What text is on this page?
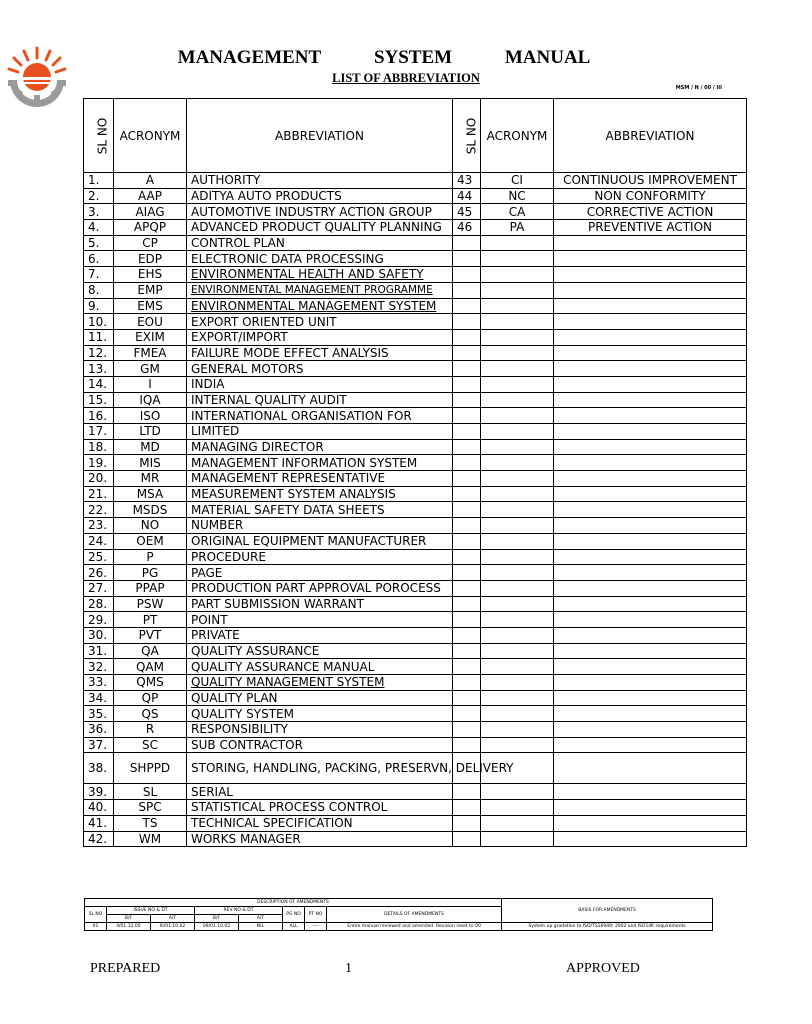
MANAGEMENT	SYSTEM	MANUAL
LIST OF ABBREVIATION
MSM / N / 00 / III
SL NO	ACRONYM	ABBREVIATION	SL NO	ACRONYM	ABBREVIATION
1.	A	AUTHORITY	43	CI	CONTINUOUS IMPROVEMENT
2.	AAP	ADITYA AUTO PRODUCTS	44	NC	NON CONFORMITY
3.	AIAG	AUTOMOTIVE INDUSTRY ACTION GROUP	45	CA	CORRECTIVE ACTION
4.	APQP	ADVANCED PRODUCT QUALITY PLANNING	46	PA	PREVENTIVE ACTION
5.	CP	CONTROL PLAN			
6.	EDP	ELECTRONIC DATA PROCESSING			
7.	EHS	ENVIRONMENTAL HEALTH AND SAFETY			
8.	EMP	ENVIRONMENTAL MANAGEMENT PROGRAMME			
9.	EMS	ENVIRONMENTAL MANAGEMENT SYSTEM			
10.	EOU	EXPORT ORIENTED UNIT			
11.	EXIM	EXPORT/IMPORT			
12.	FMEA	FAILURE MODE EFFECT ANALYSIS			
13.	GM	GENERAL MOTORS			
14.	I	INDIA			
15.	IQA	INTERNAL QUALITY AUDIT			
16.	ISO	INTERNATIONAL ORGANISATION FOR			
17.	LTD	LIMITED			
18.	MD	MANAGING DIRECTOR			
19.	MIS	MANAGEMENT INFORMATION SYSTEM			
20.	MR	MANAGEMENT REPRESENTATIVE			
21.	MSA	MEASUREMENT SYSTEM ANALYSIS			
22.	MSDS	MATERIAL SAFETY DATA SHEETS			
23.	NO	NUMBER			
24.	OEM	ORIGINAL EQUIPMENT MANUFACTURER			
25.	P	PROCEDURE			
26.	PG	PAGE			
27.	PPAP	PRODUCTION PART APPROVAL POROCESS			
28.	PSW	PART SUBMISSION WARRANT			
29.	PT	POINT			
30.	PVT	PRIVATE			
31.	QA	QUALITY ASSURANCE			
32.	QAM	QUALITY ASSURANCE MANUAL			
33.	QMS	QUALITY MANAGEMENT SYSTEM			
34.	QP	QUALITY PLAN			
35.	QS	QUALITY SYSTEM			
36.	R	RESPONSIBILITY			
37.	SC	SUB CONTRACTOR			
38.	SHPPD	STORING, HANDLING, PACKING, PRESERVN, DELIVERY			
39.	SL	SERIAL			
40.	SPC	STATISTICAL PROCESS CONTROL			
41.	TS	TECHNICAL SPECIFICATION			
42.	WM	WORKS MANAGER			
DESCRIPTION OF AMENDMENTS								BASIS FOR AMENDMENTS
SL NO	ISSUE NO & DT		REV NO & DT		PG NO	PT NO	DETAILS OF AMENDMENTS	
	B/F	A/F	B/F	A/F				
01	II/01.12.00	III/01.10.02	09/01.10.02	NIL	ALL	----	Entire manual reviewed and amended. Revision reset to 00	System up gradation to ISO/TS16949: 2002 and ISO14K requirements
PREPARED	1	APPROVED
